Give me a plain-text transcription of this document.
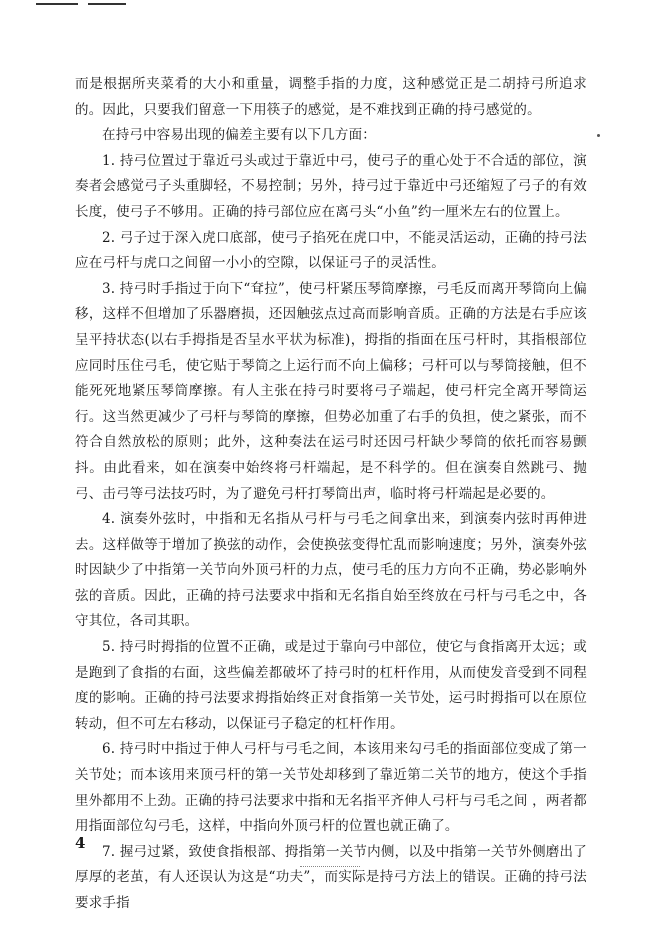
而是根据所夹菜肴的大小和重量，调整手指的力度，这种感觉正是二胡持弓所追求的。因此，只要我们留意一下用筷子的感觉，是不难找到正确的持弓感觉的。

在持弓中容易出现的偏差主要有以下几方面：

1. 持弓位置过于靠近弓头或过于靠近中弓，使弓子的重心处于不合适的部位，演奏者会感觉弓子头重脚轻，不易控制；另外，持弓过于靠近中弓还缩短了弓子的有效长度，使弓子不够用。正确的持弓部位应在离弓头“小鱼”约一厘米左右的位置上。

2. 弓子过于深入虎口底部，使弓子掐死在虎口中，不能灵活运动，正确的持弓法应在弓杆与虎口之间留一小小的空隙，以保证弓子的灵活性。

3. 持弓时手指过于向下“耷拉”，使弓杆紧压琴筒摩擦，弓毛反而离开琴筒向上偏移，这样不但增加了乐器磨损，还因触弦点过高而影响音质。正确的方法是右手应该呈平持状态(以右手拇指是否呈水平状为标准)，拇指的指面在压弓杆时，其指根部位应同时压住弓毛，使它贴于琴筒之上运行而不向上偏移；弓杆可以与琴筒接触，但不能死死地紧压琴筒摩擦。有人主张在持弓时要将弓子端起，使弓杆完全离开琴筒运行。这当然更减少了弓杆与琴筒的摩擦，但势必加重了右手的负担，使之紧张，而不符合自然放松的原则；此外，这种奏法在运弓时还因弓杆缺少琴筒的依托而容易颤抖。由此看来，如在演奏中始终将弓杆端起，是不科学的。但在演奏自然跳弓、抛弓、击弓等弓法技巧时，为了避免弓杆打琴筒出声，临时将弓杆端起是必要的。

4. 演奏外弦时，中指和无名指从弓杆与弓毛之间拿出来，到演奏内弦时再伸进去。这样做等于增加了换弦的动作，会使换弦变得忙乱而影响速度；另外，演奏外弦时因缺少了中指第一关节向外顶弓杆的力点，使弓毛的压力方向不正确，势必影响外弦的音质。因此，正确的持弓法要求中指和无名指自始至终放在弓杆与弓毛之中，各守其位，各司其职。

5. 持弓时拇指的位置不正确，或是过于靠向弓中部位，使它与食指离开太远；或是跑到了食指的右面，这些偏差都破坏了持弓时的杠杆作用，从而使发音受到不同程度的影响。正确的持弓法要求拇指始终正对食指第一关节处，运弓时拇指可以在原位转动，但不可左右移动，以保证弓子稳定的杠杆作用。

6. 持弓时中指过于伸人弓杆与弓毛之间，本该用来勾弓毛的指面部位变成了第一关节处；而本该用来顶弓杆的第一关节处却移到了靠近第二关节的地方，使这个手指里外都用不上劲。正确的持弓法要求中指和无名指平齐伸人弓杆与弓毛之间 ，两者都用指面部位勾弓毛，这样，中指向外顶弓杆的位置也就正确了。

7. 握弓过紧，致使食指根部、拇指第一关节内侧，以及中指第一关节外侧磨出了厚厚的老茧，有人还误认为这是“功夫”，而实际是持弓方法上的错误。正确的持弓法要求手指

4
